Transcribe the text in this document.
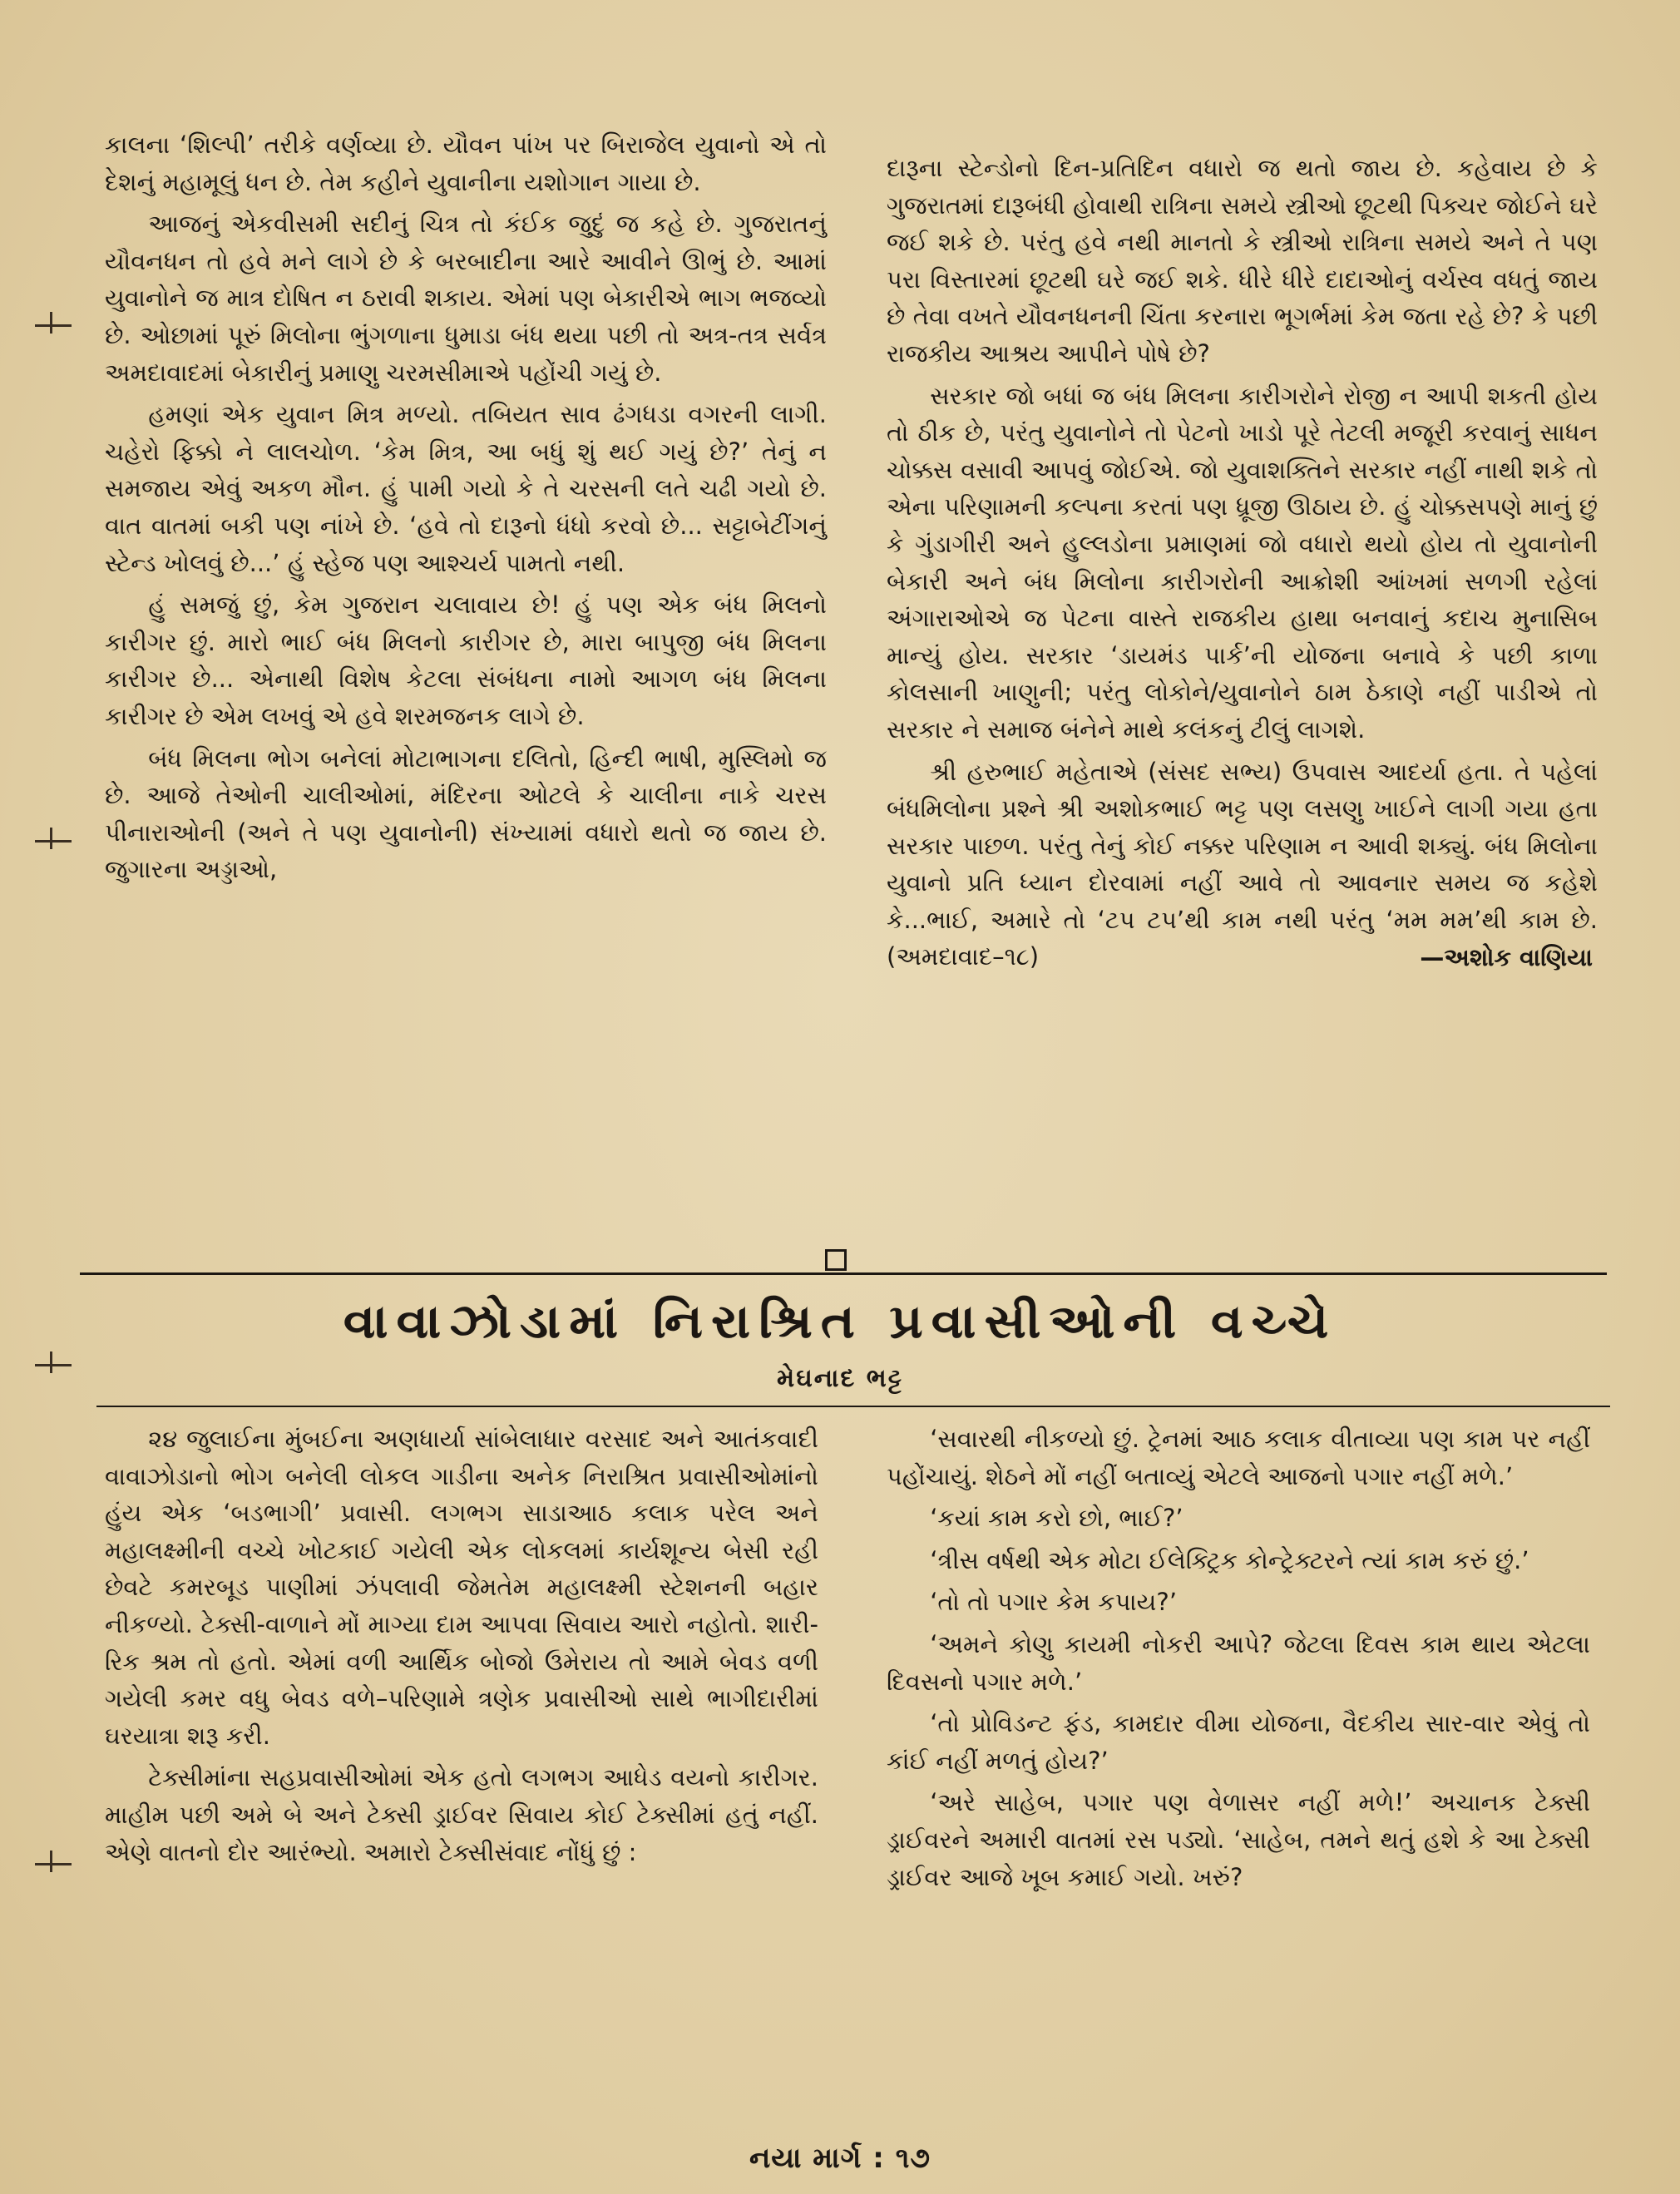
કાલના ‘શિલ્પી’ તરીકે વર્ણવ્યા છે. યૌવન પાંખ પર બિરાજેલ યુવાનો એ તો દેશનું મહામૂલું ધન છે. તેમ કહીને યુવાનીના યશોગાન ગાયા છે.

આજનું એકવીસમી સદીનું ચિત્ર તો કંઈક જુદું જ કહે છે. ગુજરાતનું યૌવનધન તો હવે મને લાગે છે કે બરબાદીના આરે આવીને ઊભું છે. આમાં યુવાનોને જ માત્ર દોષિત ન ઠરાવી શકાય. એમાં પણ બેકારીએ ભાગ ભજવ્યો છે. ઓછામાં પૂરું મિલોના ભુંગળાના ધુમાડા બંધ થયા પછી તો અત્ર-તત્ર સર્વત્ર અમદાવાદમાં બેકારીનું પ્રમાણુ ચરમસીમાએ પહોંચી ગયું છે.

હમણાં એક યુવાન મિત્ર મળ્યો. તબિયત સાવ ઢંગધડા વગરની લાગી. ચહેરો ફિક્કો ને લાલચોળ. ‘કેમ મિત્ર, આ બધું શું થઈ ગયું છે?’ તેનું ન સમજાય એવું અકળ મૌન. હું પામી ગયો કે તે ચરસની લતે ચઢી ગયો છે. વાત વાતમાં બકી પણ નાંખે છે. ‘હવે તો દારૂનો ધંધો કરવો છે... સટ્ટાબેટીંગનું સ્ટેન્ડ ખોલવું છે...’ હું સ્હેજ પણ આશ્ચર્ય પામતો નથી.

હું સમજું છું, કેમ ગુજરાન ચલાવાય છે! હું પણ એક બંધ મિલનો કારીગર છું. મારો ભાઈ બંધ મિલનો કારીગર છે, મારા બાપુજી બંધ મિલના કારીગર છે... એનાથી વિશેષ કેટલા સંબંધના નામો આગળ બંધ મિલના કારીગર છે એમ લખવું એ હવે શરમજનક લાગે છે.

બંધ મિલના ભોગ બનેલાં મોટાભાગના દલિતો, હિન્દી ભાષી, મુસ્લિમો જ છે. આજે તેઓની ચાલીઓમાં, મંદિરના ઓટલે કે ચાલીના નાકે ચરસ પીનારાઓની (અને તે પણ યુવાનોની) સંખ્યામાં વધારો થતો જ જાય છે. જુગારના અડ્ડાઓ,

દારૂના સ્ટેન્ડોનો દિન-પ્રતિદિન વધારો જ થતો જાય છે. કહેવાય છે કે ગુજરાતમાં દારૂબંધી હોવાથી રાત્રિના સમયે સ્ત્રીઓ છૂટથી પિક્ચર જોઈને ઘરે જઈ શકે છે. પરંતુ હવે નથી માનતો કે સ્ત્રીઓ રાત્રિના સમયે અને તે પણ પરા વિસ્તારમાં છૂટથી ઘરે જઈ શકે. ધીરે ધીરે દાદાઓનું વર્ચસ્વ વધતું જાય છે તેવા વખતે યૌવનધનની ચિંતા કરનારા ભૂગર્ભમાં કેમ જતા રહે છે? કે પછી રાજકીય આશ્રય આપીને પોષે છે?

સરકાર જો બધાં જ બંધ મિલના કારીગરોને રોજી ન આપી શકતી હોય તો ઠીક છે, પરંતુ યુવાનોને તો પેટનો ખાડો પૂરે તેટલી મજૂરી કરવાનું સાધન ચોક્કસ વસાવી આપવું જોઈએ. જો યુવાશક્તિને સરકાર નહીં નાથી શકે તો એના પરિણામની કલ્પના કરતાં પણ ધ્રૂજી ઊઠાય છે. હું ચોક્કસપણે માનું છું કે ગુંડાગીરી અને હુલ્લડોના પ્રમાણમાં જો વધારો થયો હોય તો યુવાનોની બેકારી અને બંધ મિલોના કારીગરોની આક્રોશી આંખમાં સળગી રહેલાં અંગારાઓએ જ પેટના વાસ્તે રાજકીય હાથા બનવાનું કદાચ મુનાસિબ માન્યું હોય. સરકાર ‘ડાયમંડ પાર્ક’ની યોજના બનાવે કે પછી કાળા કોલસાની ખાણુની; પરંતુ લોકોને/યુવાનોને ઠામ ઠેકાણે નહીં પાડીએ તો સરકાર ને સમાજ બંનેને માથે કલંકનું ટીલું લાગશે.

શ્રી હરુભાઈ મહેતાએ (સંસદ સભ્ય) ઉપવાસ આદર્યા હતા. તે પહેલાં બંધમિલોના પ્રશ્ને શ્રી અશોકભાઈ ભટ્ટ પણ લસણુ ખાઈને લાગી ગયા હતા સરકાર પાછળ. પરંતુ તેનું કોઈ નક્કર પરિણામ ન આવી શક્યું. બંધ મિલોના યુવાનો પ્રતિ ધ્યાન દોરવામાં નહીં આવે તો આવનાર સમય જ કહેશે કે...ભાઈ, અમારે તો ‘ટપ ટપ’થી કામ નથી પરંતુ ‘મમ મમ’થી કામ છે. (અમદાવાદ–૧૮)	—અશોક વાણિયા
વાવાઝોડામાં નિરાશ્રિત પ્રવાસીઓની વચ્ચે
મેઘનાદ ભટ્ટ

૨૪ જુલાઈના મુંબઈના અણધાર્યા સાંબેલાધાર વરસાદ અને આતંકવાદી વાવાઝોડાનો ભોગ બનેલી લોકલ ગાડીના અનેક નિરાશ્રિત પ્રવાસીઓમાંનો હુંય એક ‘બડભાગી’ પ્રવાસી. લગભગ સાડાઆઠ કલાક પરેલ અને મહાલક્ષ્મીની વચ્ચે ખોટકાઈ ગયેલી એક લોકલમાં કાર્યશૂન્ય બેસી રહી છેવટે કમરબૂડ પાણીમાં ઝંપલાવી જેમતેમ મહાલક્ષ્મી સ્ટેશનની બહાર નીકળ્યો. ટેક્સી-વાળાને મોં માગ્યા દામ આપવા સિવાય આરો નહોતો. શારી-રિક શ્રમ તો હતો. એમાં વળી આર્થિક બોજો ઉમેરાય તો આમે બેવડ વળી ગયેલી કમર વધુ બેવડ વળે–પરિણામે ત્રણેક પ્રવાસીઓ સાથે ભાગીદારીમાં ઘરયાત્રા શરૂ કરી.

ટેક્સીમાંના સહપ્રવાસીઓમાં એક હતો લગભગ આધેડ વયનો કારીગર. માહીમ પછી અમે બે અને ટેક્સી ડ્રાઈવર સિવાય કોઈ ટેક્સીમાં હતું નહીં. એણે વાતનો દોર આરંભ્યો. અમારો ટેક્સીસંવાદ નોંધું છું :

‘સવારથી નીકળ્યો છું. ટ્રેનમાં આઠ કલાક વીતાવ્યા પણ કામ પર નહીં પહોંચાયું. શેઠને મોં નહીં બતાવ્યું એટલે આજનો પગાર નહીં મળે.’

‘કયાં કામ કરો છો, ભાઈ?’

‘ત્રીસ વર્ષથી એક મોટા ઈલેક્ટ્રિક કોન્ટ્રેક્ટરને ત્યાં કામ કરું છું.’

‘તો તો પગાર કેમ કપાય?’

‘અમને કોણુ કાયમી નોકરી આપે? જેટલા દિવસ કામ થાય એટલા દિવસનો પગાર મળે.’

‘તો પ્રોવિડન્ટ ફંડ, કામદાર વીમા યોજના, વૈદકીય સાર-વાર એવું તો કાંઈ નહીં મળતું હોય?’

‘અરે સાહેબ, પગાર પણ વેળાસર નહીં મળે!’ અચાનક ટેક્સી ડ્રાઈવરને અમારી વાતમાં રસ પડ્યો. ‘સાહેબ, તમને થતું હશે કે આ ટેક્સી ડ્રાઈવર આજે ખૂબ કમાઈ ગયો. ખરું?

નયા માર્ગ : ૧૭
